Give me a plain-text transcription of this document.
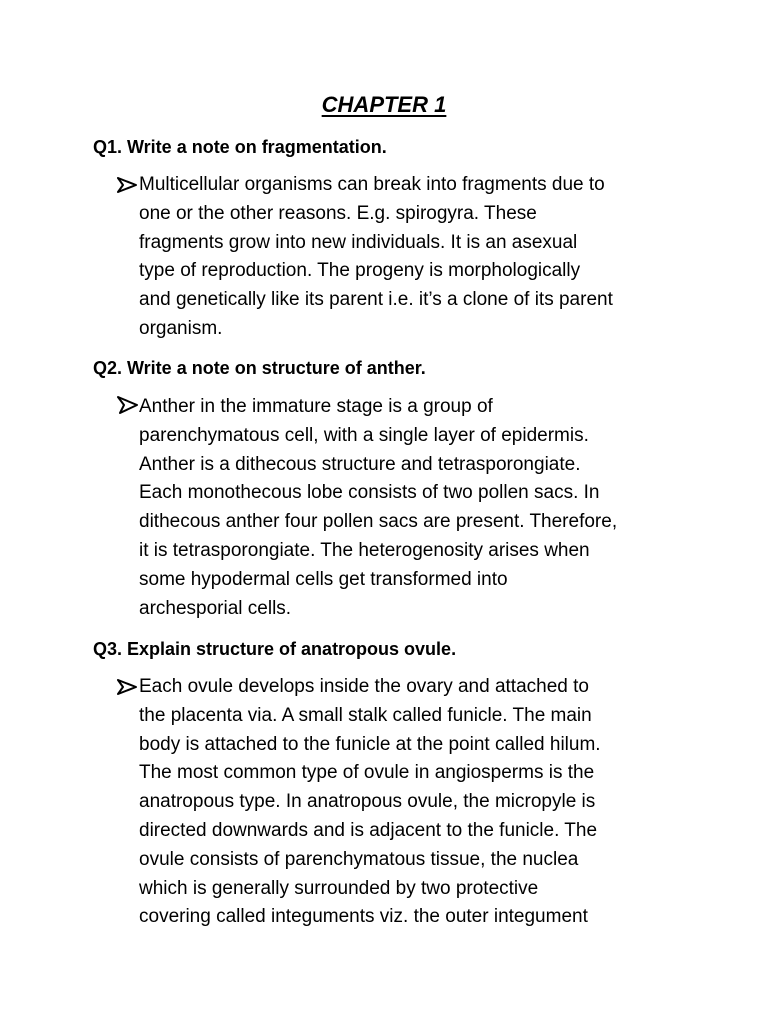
CHAPTER 1
Q1. Write a note on fragmentation.
Multicellular organisms can break into fragments due to
one or the other reasons. E.g. spirogyra. These
fragments grow into new individuals. It is an asexual
type of reproduction. The progeny is morphologically
and genetically like its parent i.e. it’s a clone of its parent
organism.
Q2. Write a note on structure of anther.
Anther in the immature stage is a group of
parenchymatous cell, with a single layer of epidermis.
Anther is a dithecous structure and tetrasporongiate.
Each monothecous lobe consists of two pollen sacs. In
dithecous anther four pollen sacs are present. Therefore,
it is tetrasporongiate. The heterogenosity arises when
some hypodermal cells get transformed into
archesporial cells.
Q3. Explain structure of anatropous ovule.
Each ovule develops inside the ovary and attached to
the placenta via. A small stalk called funicle. The main
body is attached to the funicle at the point called hilum.
The most common type of ovule in angiosperms is the
anatropous type. In anatropous ovule, the micropyle is
directed downwards and is adjacent to the funicle. The
ovule consists of parenchymatous tissue, the nuclea
which is generally surrounded by two protective
covering called integuments viz. the outer integument
